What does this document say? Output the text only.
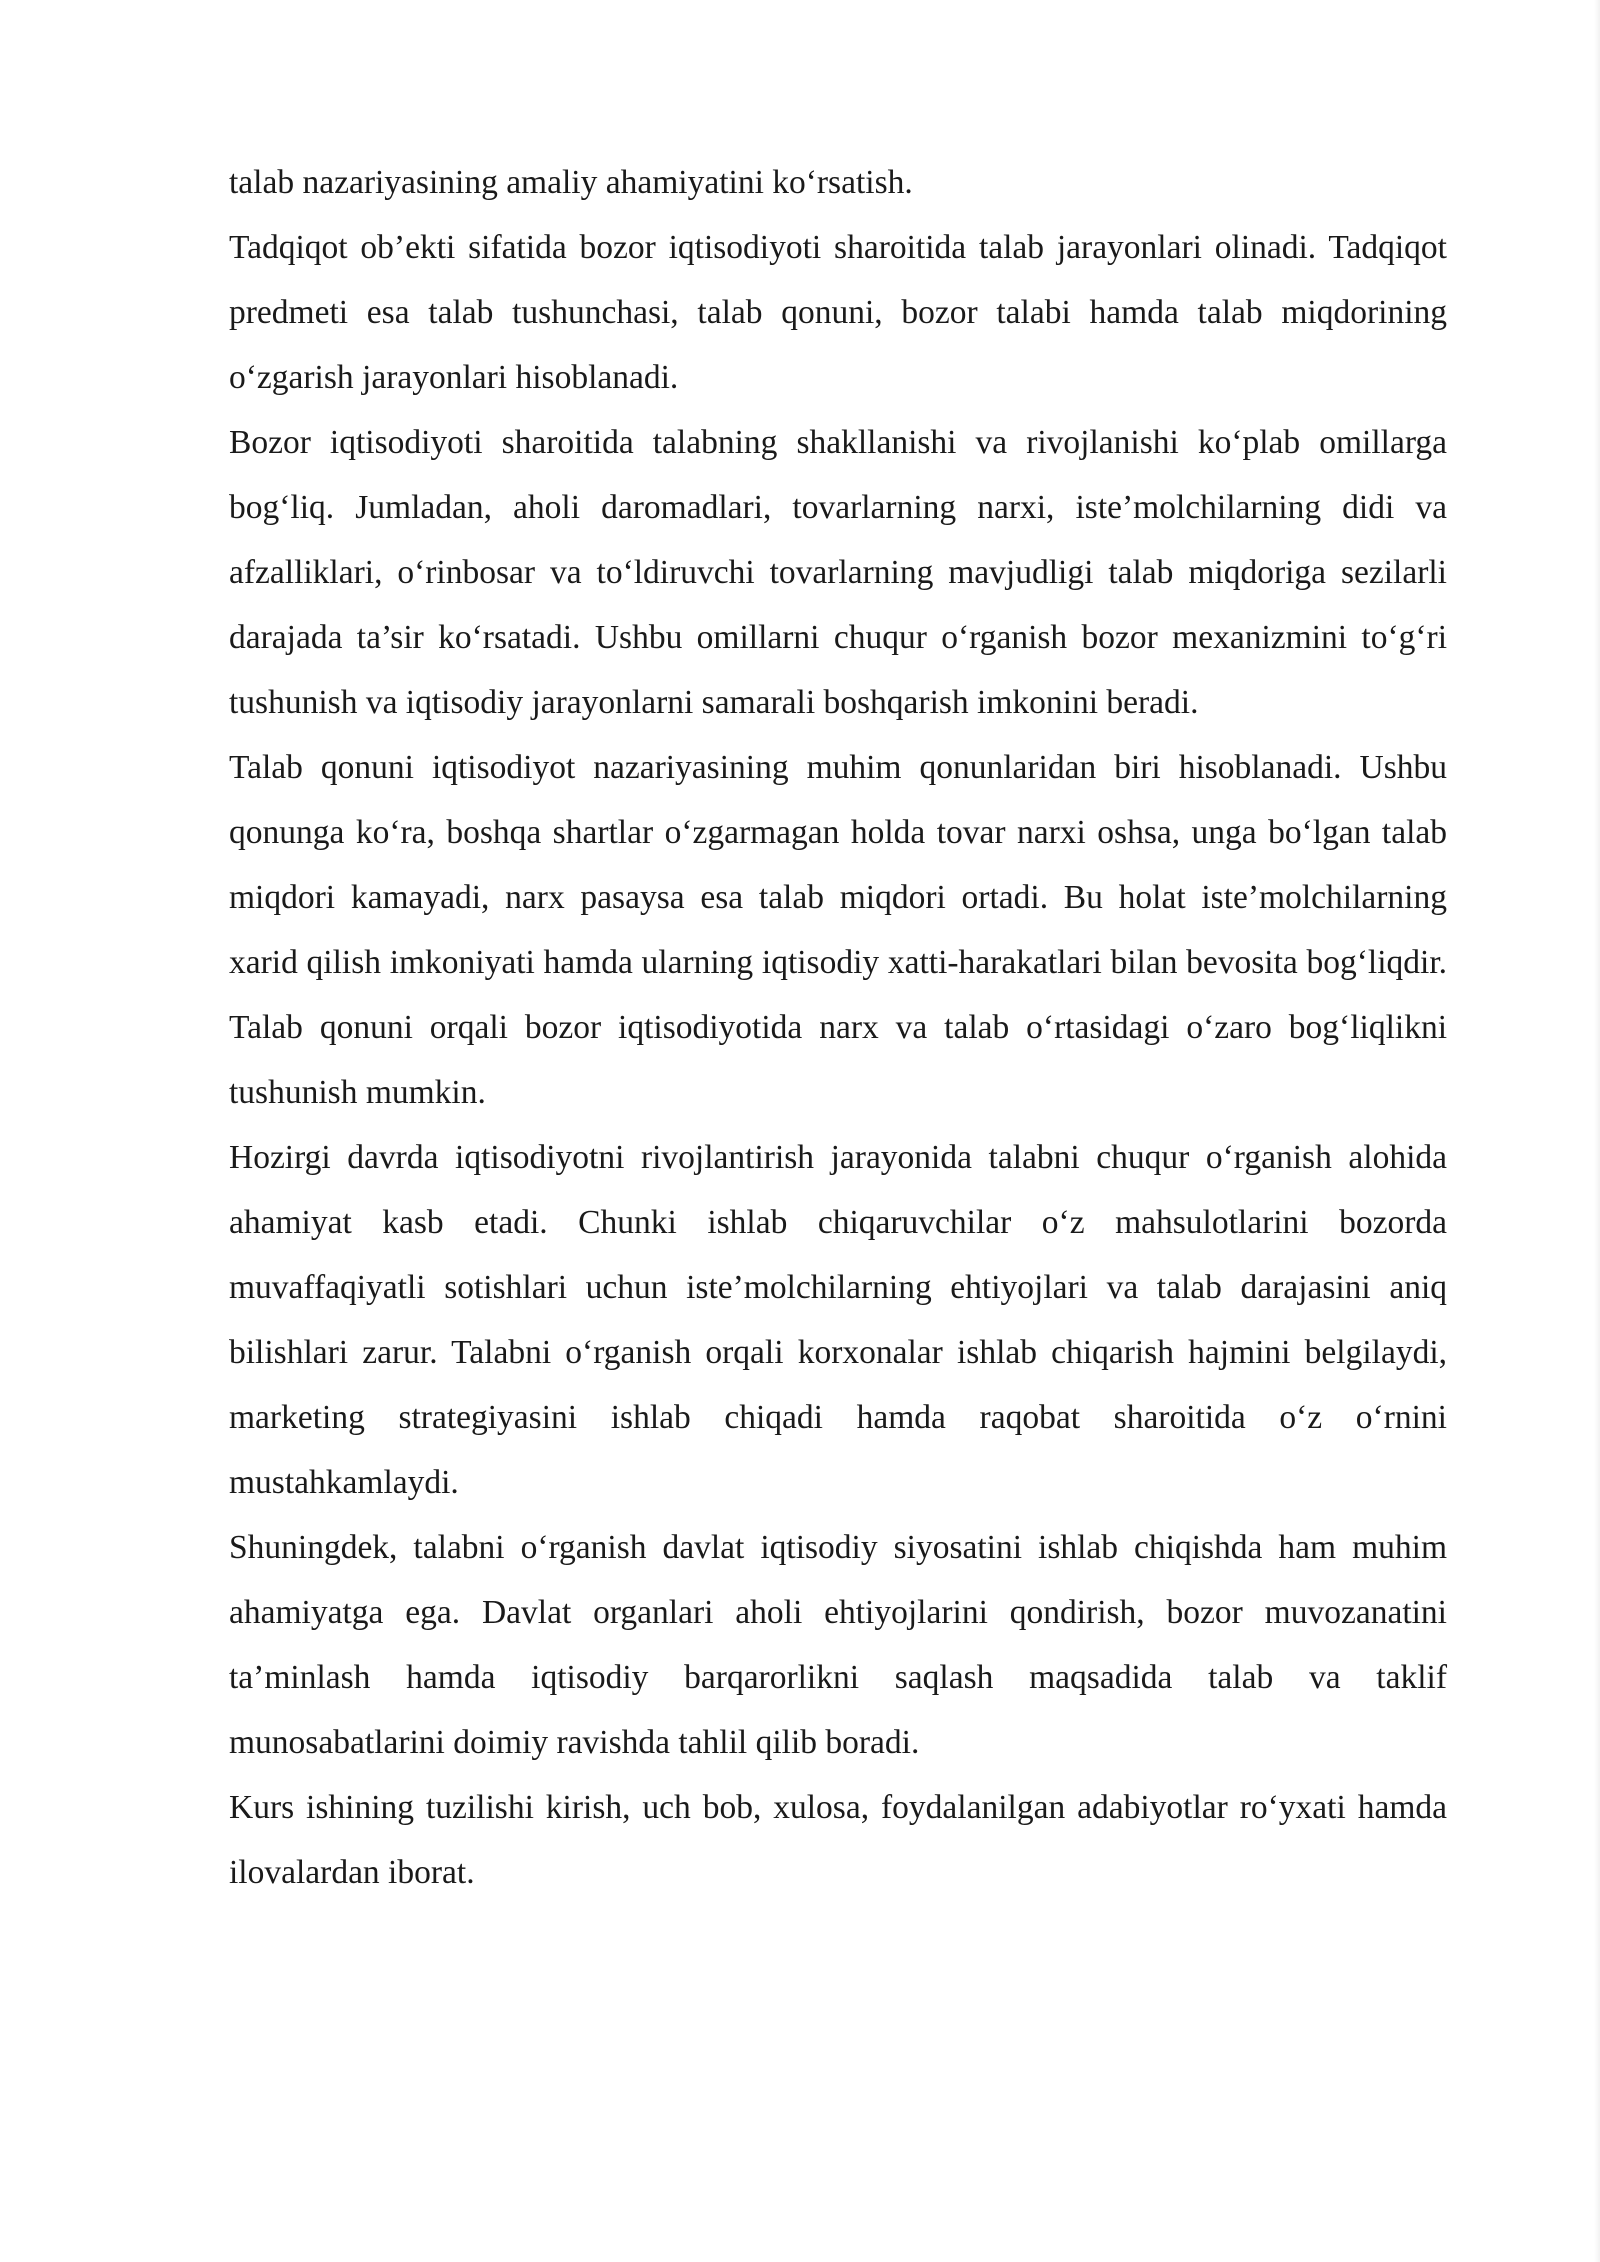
talab nazariyasining amaliy ahamiyatini ko‘rsatish.

Tadqiqot ob’ekti sifatida bozor iqtisodiyoti sharoitida talab jarayonlari olinadi. Tadqiqot predmeti esa talab tushunchasi, talab qonuni, bozor talabi hamda talab miqdorining o‘zgarish jarayonlari hisoblanadi.

Bozor iqtisodiyoti sharoitida talabning shakllanishi va rivojlanishi ko‘plab omillarga bog‘liq. Jumladan, aholi daromadlari, tovarlarning narxi, iste’molchilarning didi va afzalliklari, o‘rinbosar va to‘ldiruvchi tovarlarning mavjudligi talab miqdoriga sezilarli darajada ta’sir ko‘rsatadi. Ushbu omillarni chuqur o‘rganish bozor mexanizmini to‘g‘ri tushunish va iqtisodiy jarayonlarni samarali boshqarish imkonini beradi.

Talab qonuni iqtisodiyot nazariyasining muhim qonunlaridan biri hisoblanadi. Ushbu qonunga ko‘ra, boshqa shartlar o‘zgarmagan holda tovar narxi oshsa, unga bo‘lgan talab miqdori kamayadi, narx pasaysa esa talab miqdori ortadi. Bu holat iste’molchilarning xarid qilish imkoniyati hamda ularning iqtisodiy xatti-harakatlari bilan bevosita bog‘liqdir. Talab qonuni orqali bozor iqtisodiyotida narx va talab o‘rtasidagi o‘zaro bog‘liqlikni tushunish mumkin.

Hozirgi davrda iqtisodiyotni rivojlantirish jarayonida talabni chuqur o‘rganish alohida ahamiyat kasb etadi. Chunki ishlab chiqaruvchilar o‘z mahsulotlarini bozorda muvaffaqiyatli sotishlari uchun iste’molchilarning ehtiyojlari va talab darajasini aniq bilishlari zarur. Talabni o‘rganish orqali korxonalar ishlab chiqarish hajmini belgilaydi, marketing strategiyasini ishlab chiqadi hamda raqobat sharoitida o‘z o‘rnini mustahkamlaydi.

Shuningdek, talabni o‘rganish davlat iqtisodiy siyosatini ishlab chiqishda ham muhim ahamiyatga ega. Davlat organlari aholi ehtiyojlarini qondirish, bozor muvozanatini ta’minlash hamda iqtisodiy barqarorlikni saqlash maqsadida talab va taklif munosabatlarini doimiy ravishda tahlil qilib boradi.

Kurs ishining tuzilishi kirish, uch bob, xulosa, foydalanilgan adabiyotlar ro‘yxati hamda ilovalardan iborat.
